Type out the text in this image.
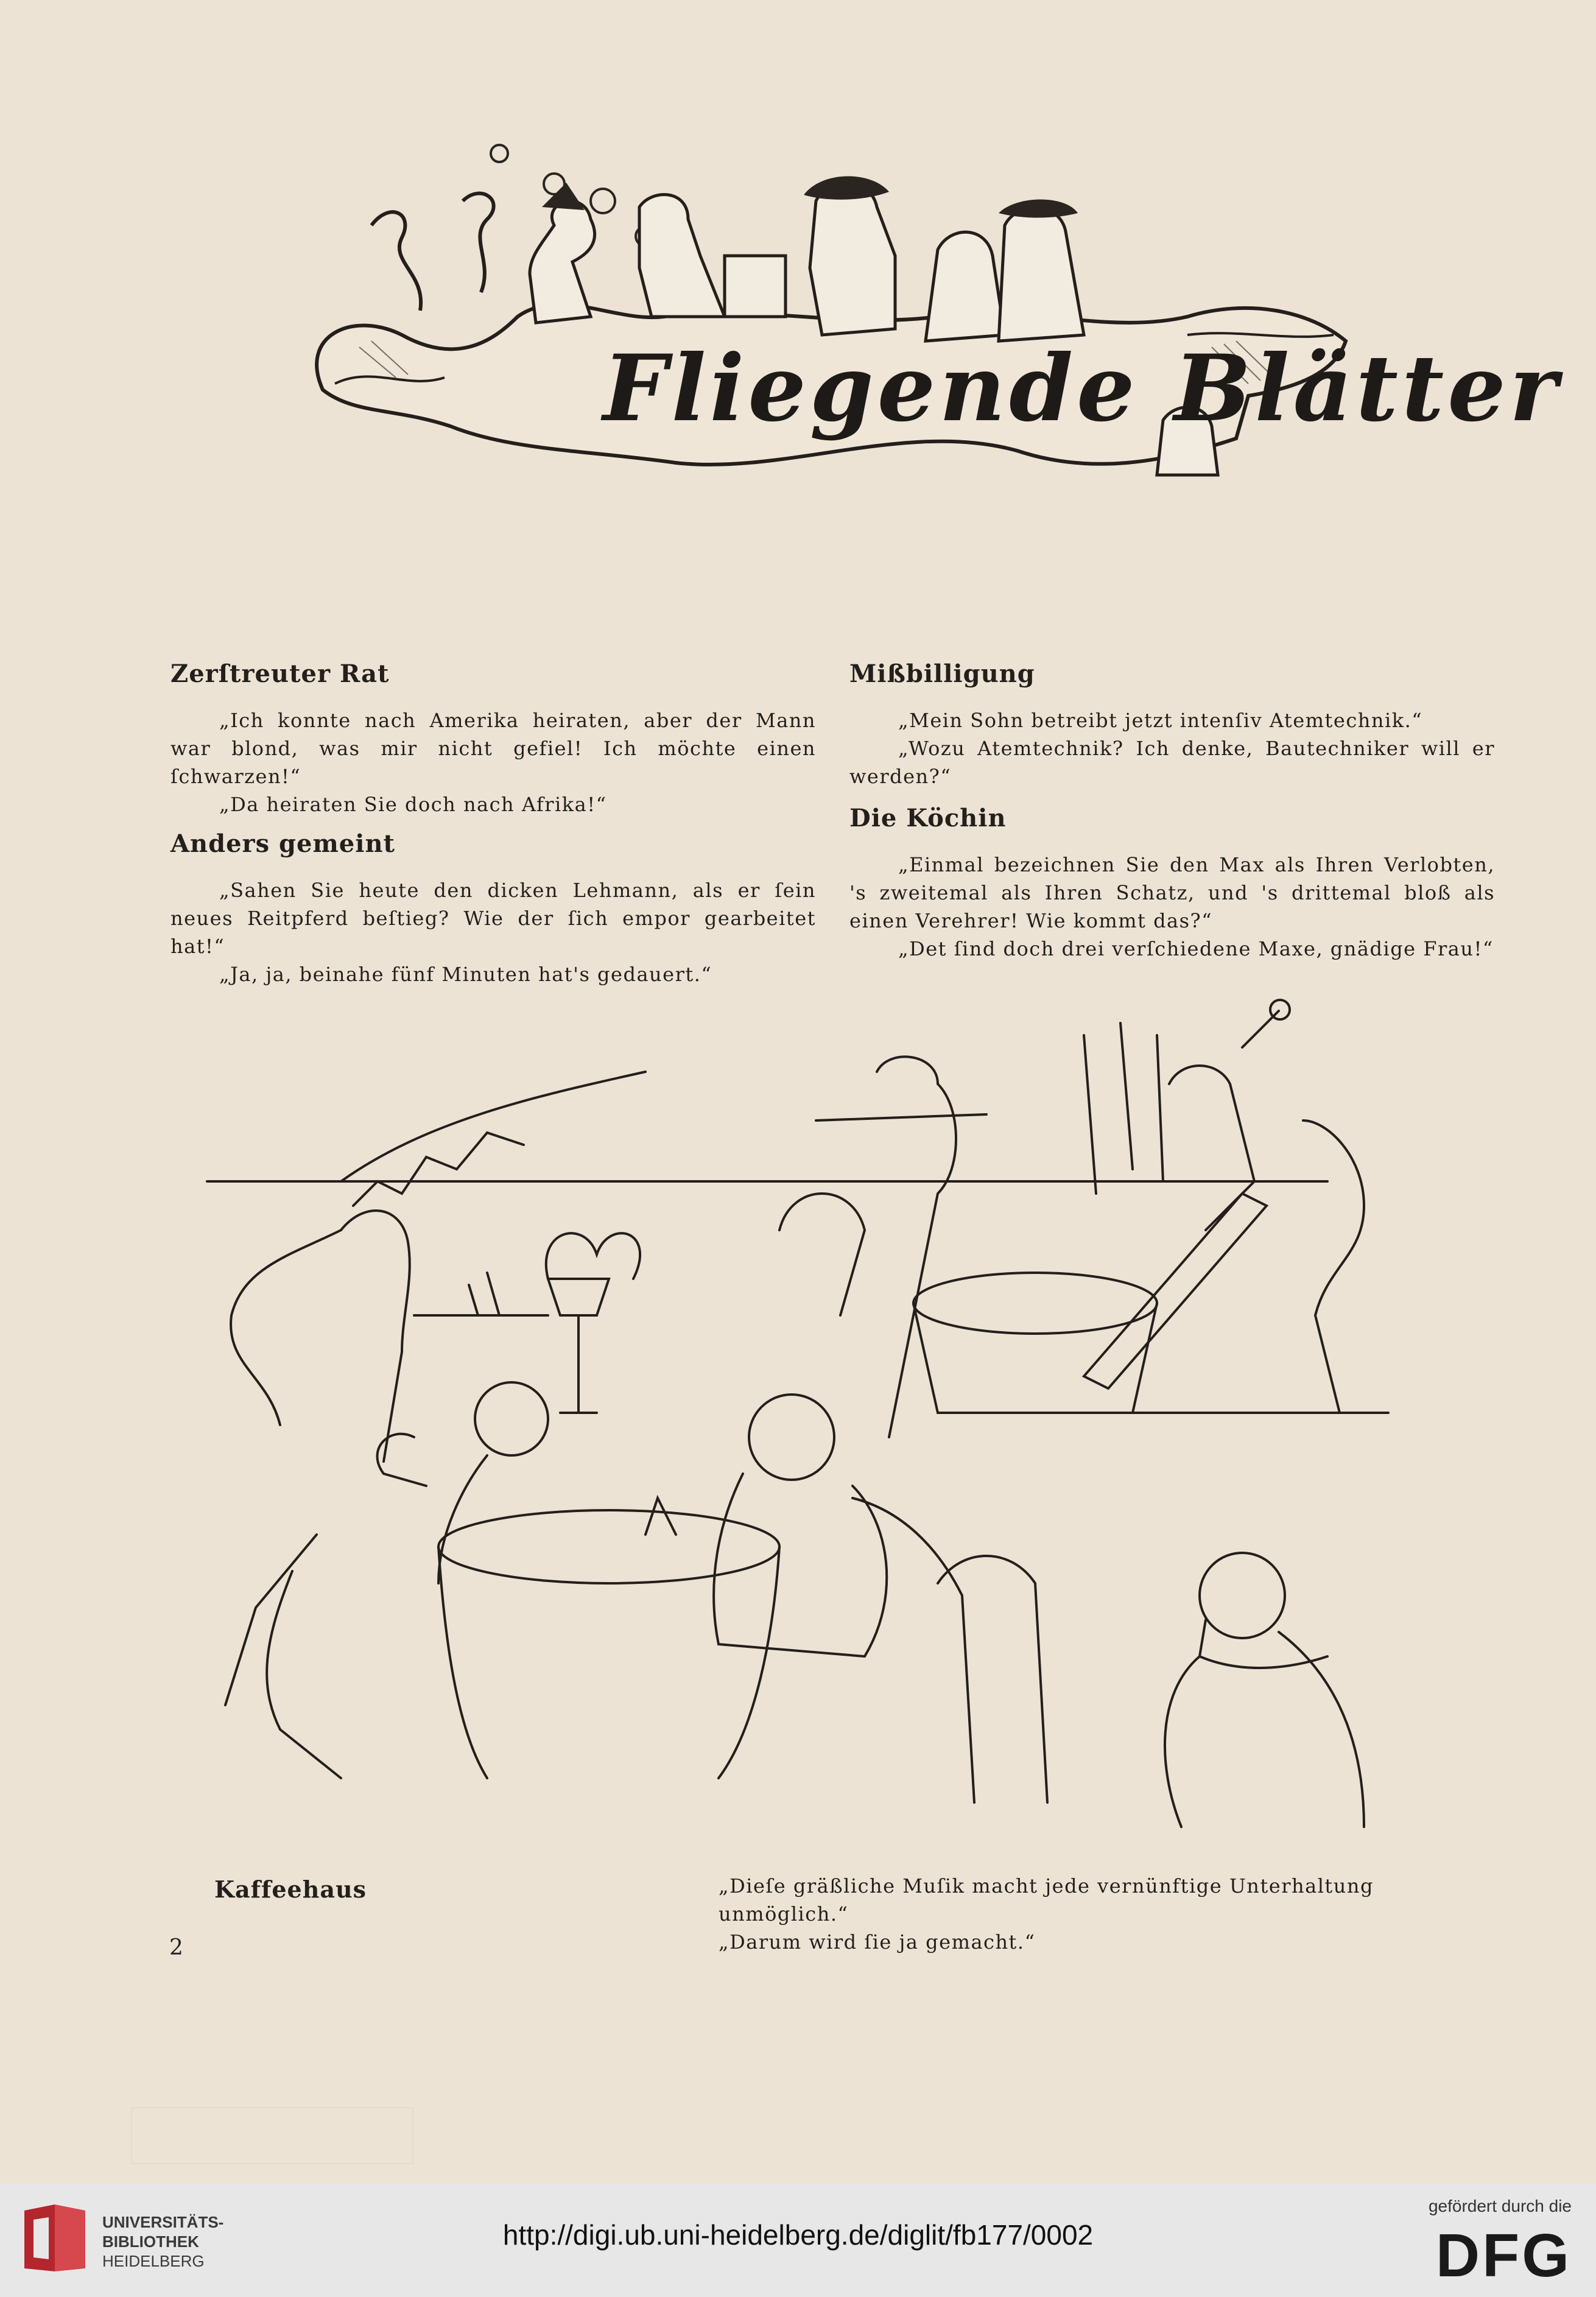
Fliegende Blätter
Zerſtreuter Rat

„Ich konnte nach Amerika heiraten, aber der Mann war blond, was mir nicht gefiel! Ich möchte einen ſchwarzen!“

„Da heiraten Sie doch nach Afrika!“

Anders gemeint

„Sahen Sie heute den dicken Lehmann, als er ſein neues Reitpferd beſtieg? Wie der ſich empor gearbeitet hat!“

„Ja, ja, beinahe fünf Minuten hat's gedauert.“

Mißbilligung

„Mein Sohn betreibt jetzt intenſiv Atemtechnik.“

„Wozu Atemtechnik? Ich denke, Bautechniker will er werden?“

Die Köchin

„Einmal bezeichnen Sie den Max als Ihren Verlobten, 's zweitemal als Ihren Schatz, und 's drittemal bloß als einen Verehrer! Wie kommt das?“

„Det ſind doch drei verſchiedene Maxe, gnädige Frau!“

Kaffeehaus	„Dieſe gräßliche Muſik macht jede vernünftige Unterhaltung unmöglich.“

„Darum wird ſie ja gemacht.“

2
UNIVERSITÄTS-
BIBLIOTHEK
HEIDELBERG
http://digi.ub.uni-heidelberg.de/diglit/fb177/0002
gefördert durch die
DFG
